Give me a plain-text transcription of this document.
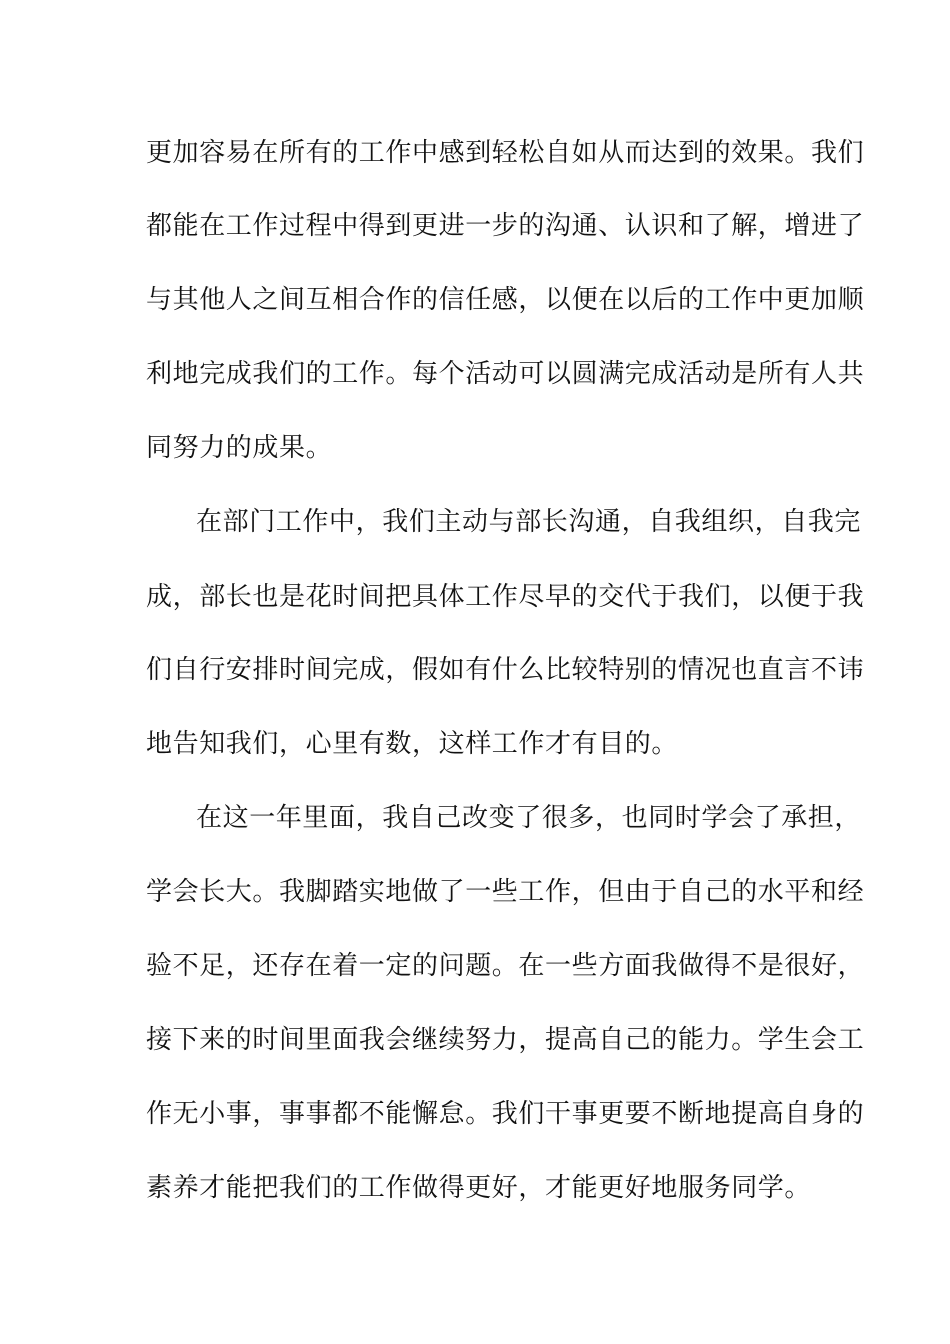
更加容易在所有的工作中感到轻松自如从而达到的效果。我们
都能在工作过程中得到更进一步的沟通、认识和了解，增进了
与其他人之间互相合作的信任感，以便在以后的工作中更加顺
利地完成我们的工作。每个活动可以圆满完成活动是所有人共
同努力的成果。
在部门工作中，我们主动与部长沟通，自我组织，自我完
成，部长也是花时间把具体工作尽早的交代于我们，以便于我
们自行安排时间完成，假如有什么比较特别的情况也直言不讳
地告知我们，心里有数，这样工作才有目的。
在这一年里面，我自己改变了很多，也同时学会了承担，
学会长大。我脚踏实地做了一些工作，但由于自己的水平和经
验不足，还存在着一定的问题。在一些方面我做得不是很好，
接下来的时间里面我会继续努力，提高自己的能力。学生会工
作无小事，事事都不能懈怠。我们干事更要不断地提高自身的
素养才能把我们的工作做得更好，才能更好地服务同学。
